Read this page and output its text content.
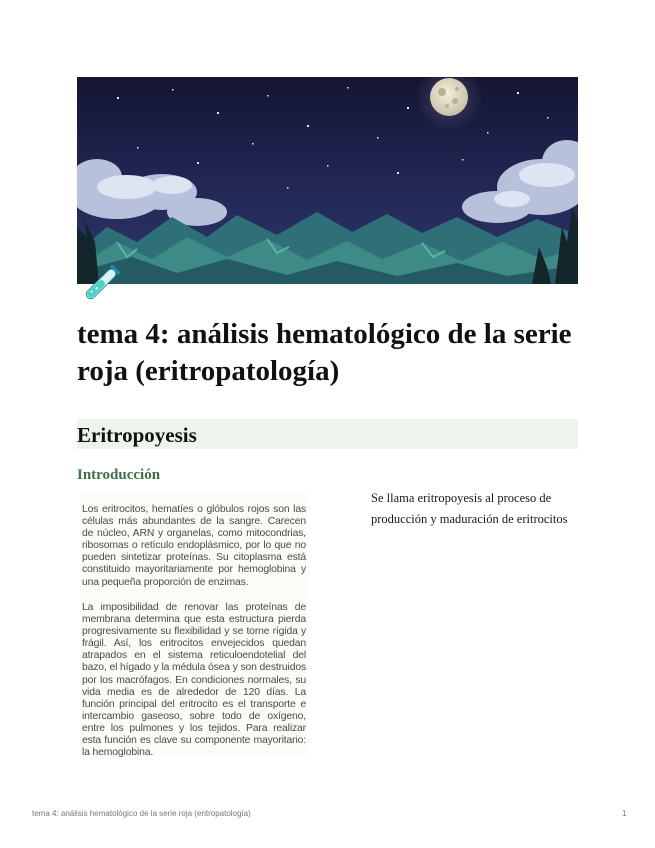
tema 4: análisis hematológico de la serie roja (eritropatología)
Eritropoyesis
Introducción

Los eritrocitos, hematíes o glóbulos rojos son las células más abundantes de la sangre. Carecen de núcleo, ARN y organelas, como mitocondrias, ribosomas o retículo endoplásmico, por lo que no pueden sintetizar proteínas. Su citoplasma está constituido mayoritariamente por hemoglobina y una pequeña proporción de enzimas.

La imposibilidad de renovar las proteínas de membrana determina que esta estructura pierda progresivamente su flexibilidad y se torne rígida y frágil. Así, los eritrocitos envejecidos quedan atrapados en el sistema reticuloendotelial del bazo, el hígado y la médula ósea y son destruidos por los macrófagos. En condiciones normales, su vida media es de alrededor de 120 días. La función principal del eritrocito es el transporte e intercambio gaseoso, sobre todo de oxígeno, entre los pulmones y los tejidos. Para realizar esta función es clave su componente mayoritario: la hemoglobina.

Se llama eritropoyesis al proceso de producción y maduración de eritrocitos

tema 4: análisis hematológico de la serie roja (eritropatología)	1
